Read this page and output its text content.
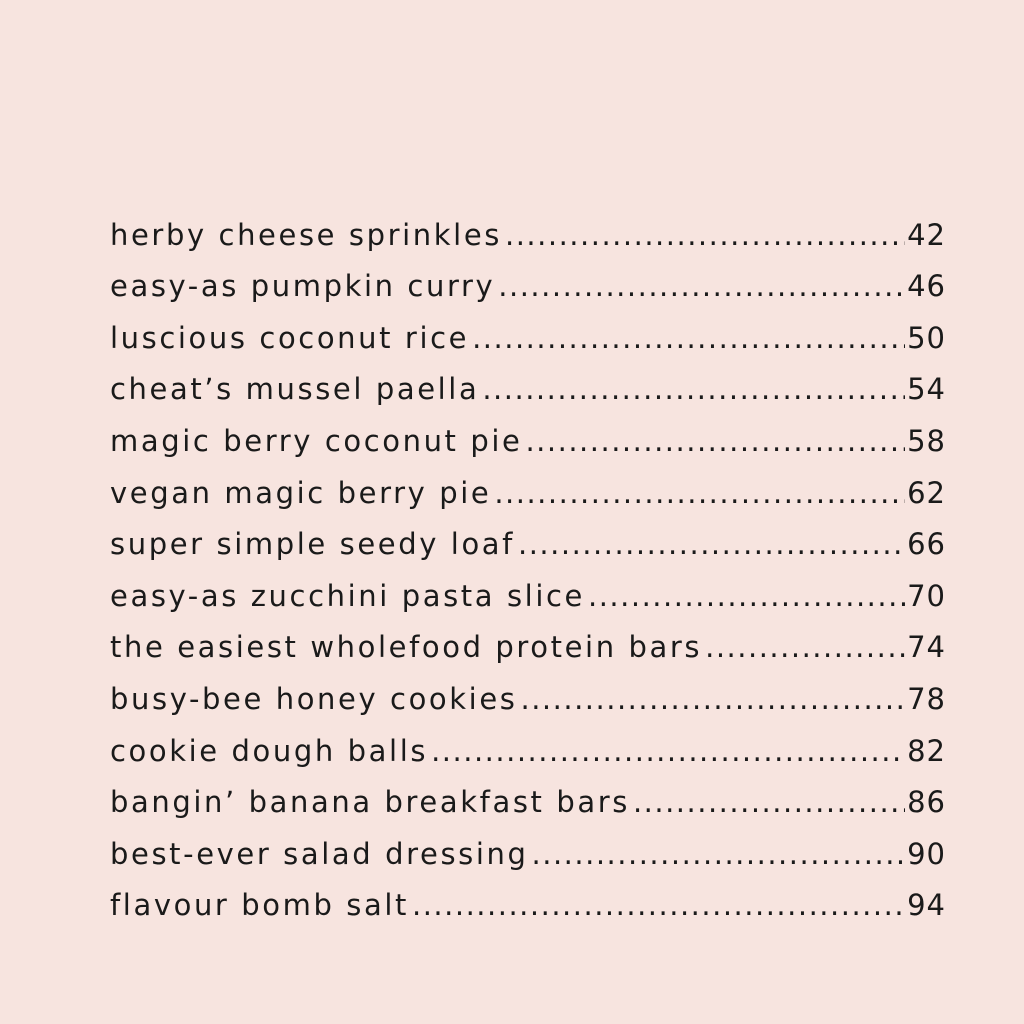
herby cheese sprinkles .....	42
easy-as pumpkin curry .....	46
luscious coconut rice .....	50
cheat’s mussel paella .....	54
magic berry coconut pie .....	58
vegan magic berry pie .....	62
super simple seedy loaf .....	66
easy-as zucchini pasta slice .....	70
the easiest wholefood protein bars .....	74
busy-bee honey cookies .....	78
cookie dough balls .....	82
bangin’ banana breakfast bars .....	86
best-ever salad dressing .....	90
flavour bomb salt .....	94
